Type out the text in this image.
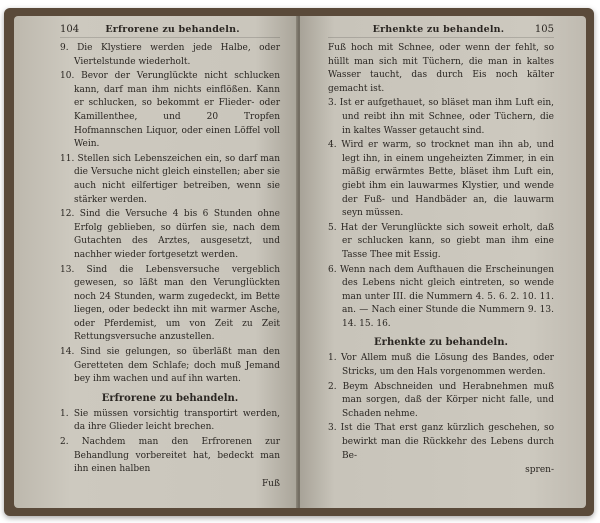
104	Erfrorene zu behandeln.
9. Die Klystiere werden jede Halbe, oder Viertelstunde wiederholt.
10. Bevor der Verunglückte nicht schlucken kann, darf man ihm nichts einflößen. Kann er schlucken, so bekommt er Flieder- oder Kamillenthee, und 20 Tropfen Hofmannschen Liquor, oder einen Löffel voll Wein.
11. Stellen sich Lebenszeichen ein, so darf man die Versuche nicht gleich einstellen; aber sie auch nicht eilfertiger betreiben, wenn sie stärker werden.
12. Sind die Versuche 4 bis 6 Stunden ohne Erfolg geblieben, so dürfen sie, nach dem Gutachten des Arztes, ausgesetzt, und nachher wieder fortgesetzt werden.
13. Sind die Lebensversuche vergeblich gewesen, so läßt man den Verunglückten noch 24 Stunden, warm zugedeckt, im Bette liegen, oder bedeckt ihn mit warmer Asche, oder Pferdemist, um von Zeit zu Zeit Rettungsversuche anzustellen.
14. Sind sie gelungen, so überläßt man den Geretteten dem Schlafe; doch muß Jemand bey ihm wachen und auf ihn warten.
Erfrorene zu behandeln.
1. Sie müssen vorsichtig transportirt werden, da ihre Glieder leicht brechen.
2. Nachdem man den Erfrorenen zur Behandlung vorbereitet hat, bedeckt man ihn einen halben
Fuß
Erhenkte zu behandeln.	105

Fuß hoch mit Schnee, oder wenn der fehlt, so hüllt man sich mit Tüchern, die man in kaltes Wasser taucht, das durch Eis noch kälter gemacht ist.

3. Ist er aufgethauet, so bläset man ihm Luft ein, und reibt ihn mit Schnee, oder Tüchern, die in kaltes Wasser getaucht sind.
4. Wird er warm, so trocknet man ihn ab, und legt ihn, in einem ungeheizten Zimmer, in ein mäßig erwärmtes Bette, bläset ihm Luft ein, giebt ihm ein lauwarmes Klystier, und wende der Fuß- und Handbäder an, die lauwarm seyn müssen.
5. Hat der Verunglückte sich soweit erholt, daß er schlucken kann, so giebt man ihm eine Tasse Thee mit Essig.
6. Wenn nach dem Aufthauen die Erscheinungen des Lebens nicht gleich eintreten, so wende man unter III. die Nummern 4. 5. 6. 2. 10. 11. an. — Nach einer Stunde die Nummern 9. 13. 14. 15. 16.
Erhenkte zu behandeln.
1. Vor Allem muß die Lösung des Bandes, oder Stricks, um den Hals vorgenommen werden.
2. Beym Abschneiden und Herabnehmen muß man sorgen, daß der Körper nicht falle, und Schaden nehme.
3. Ist die That erst ganz kürzlich geschehen, so bewirkt man die Rückkehr des Lebens durch Be-
spren-
